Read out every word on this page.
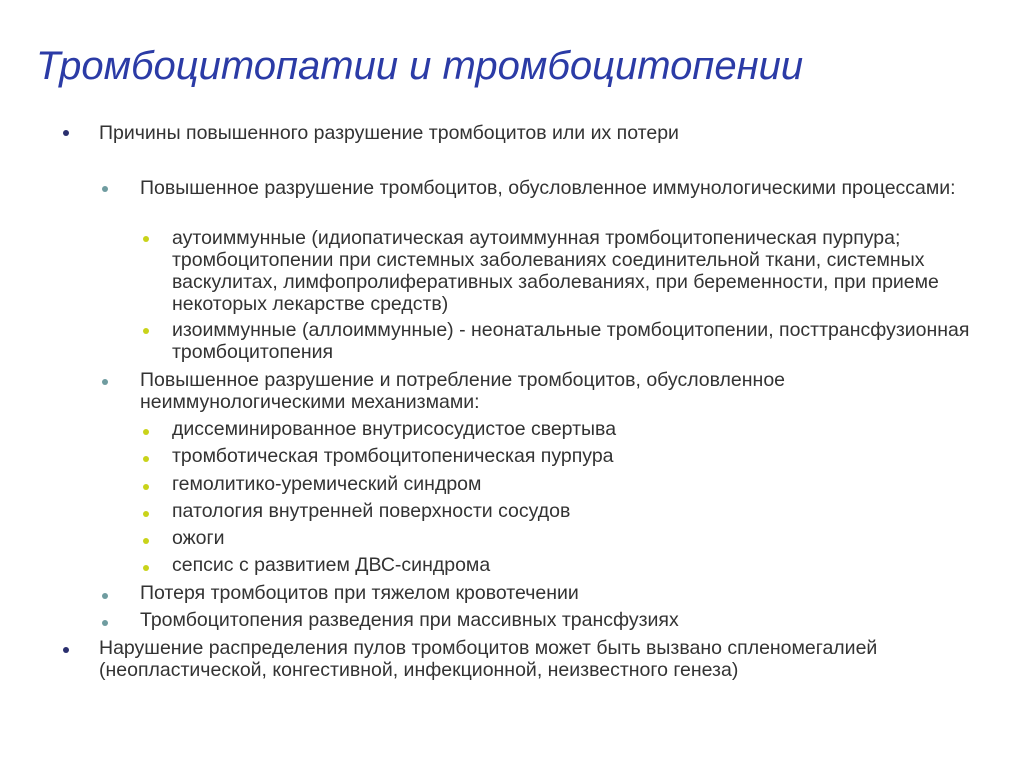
Тромбоцитопатии и тромбоцитопении

Причины повышенного разрушение тромбоцитов или их потери

Повышенное разрушение тромбоцитов, обусловленное иммунологическими процессами:

аутоиммунные (идиопатическая аутоиммунная тромбоцитопеническая пурпура; тромбоцитопении при системных заболеваниях соединительной ткани, системных васкулитах, лимфопролиферативных заболеваниях, при беременности, при приеме некоторых лекарстве средств)

изоиммунные (аллоиммунные) - неонатальные тромбоцитопении, посттрансфузионная тромбоцитопения

Повышенное разрушение и потребление тромбоцитов, обусловленное неиммунологическими механизмами:

диссеминированное внутрисосудистое свертыва

тромботическая тромбоцитопеническая пурпура

гемолитико-уремический синдром

патология внутренней поверхности сосудов

ожоги

сепсис с развитием ДВС-синдрома

Потеря тромбоцитов при тяжелом кровотечении

Тромбоцитопения разведения при массивных трансфузиях

Нарушение распределения пулов тромбоцитов может быть вызвано спленомегалией (неопластической, конгестивной, инфекционной, неизвестного генеза)
